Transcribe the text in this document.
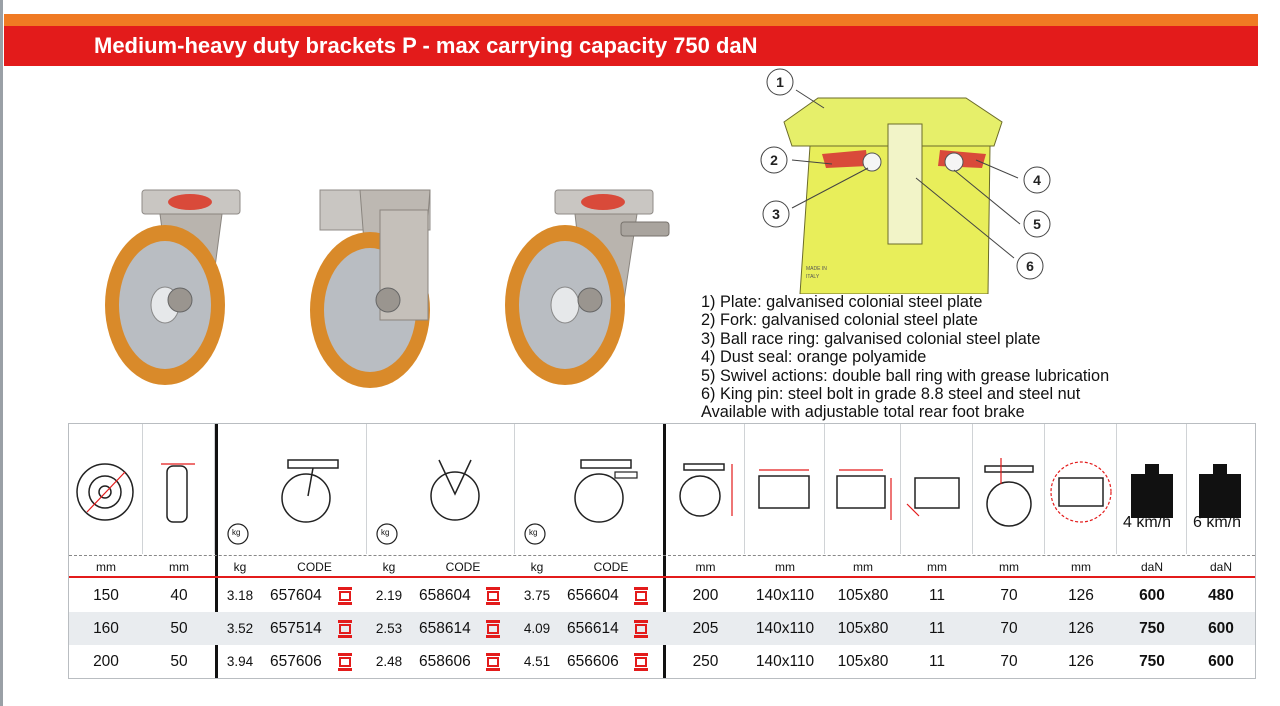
Medium-heavy duty brackets P - max carrying capacity 750 daN
MADE IN
ITALY
1
2
3
4
5
6
1) Plate: galvanised colonial steel plate
2) Fork: galvanised colonial steel plate
3) Ball race ring: galvanised colonial steel plate
4) Dust seal: orange polyamide
5) Swivel actions: double ball ring with grease lubrication
6) King pin: steel bolt in grade 8.8 steel and steel nut
Available with adjustable total rear foot brake
kg	kg	kg
4 km/h 6 km/h
mm	mm	kg	CODE	kg	CODE	kg	CODE	mm	mm	mm	mm	mm	mm	daN	daN
150	40	3.18	657604	2.19	658604	3.75	656604	200	140x110	105x80	11	70	126	600	480
160	50	3.52	657514	2.53	658614	4.09	656614	205	140x110	105x80	11	70	126	750	600
200	50	3.94	657606	2.48	658606	4.51	656606	250	140x110	105x80	11	70	126	750	600
